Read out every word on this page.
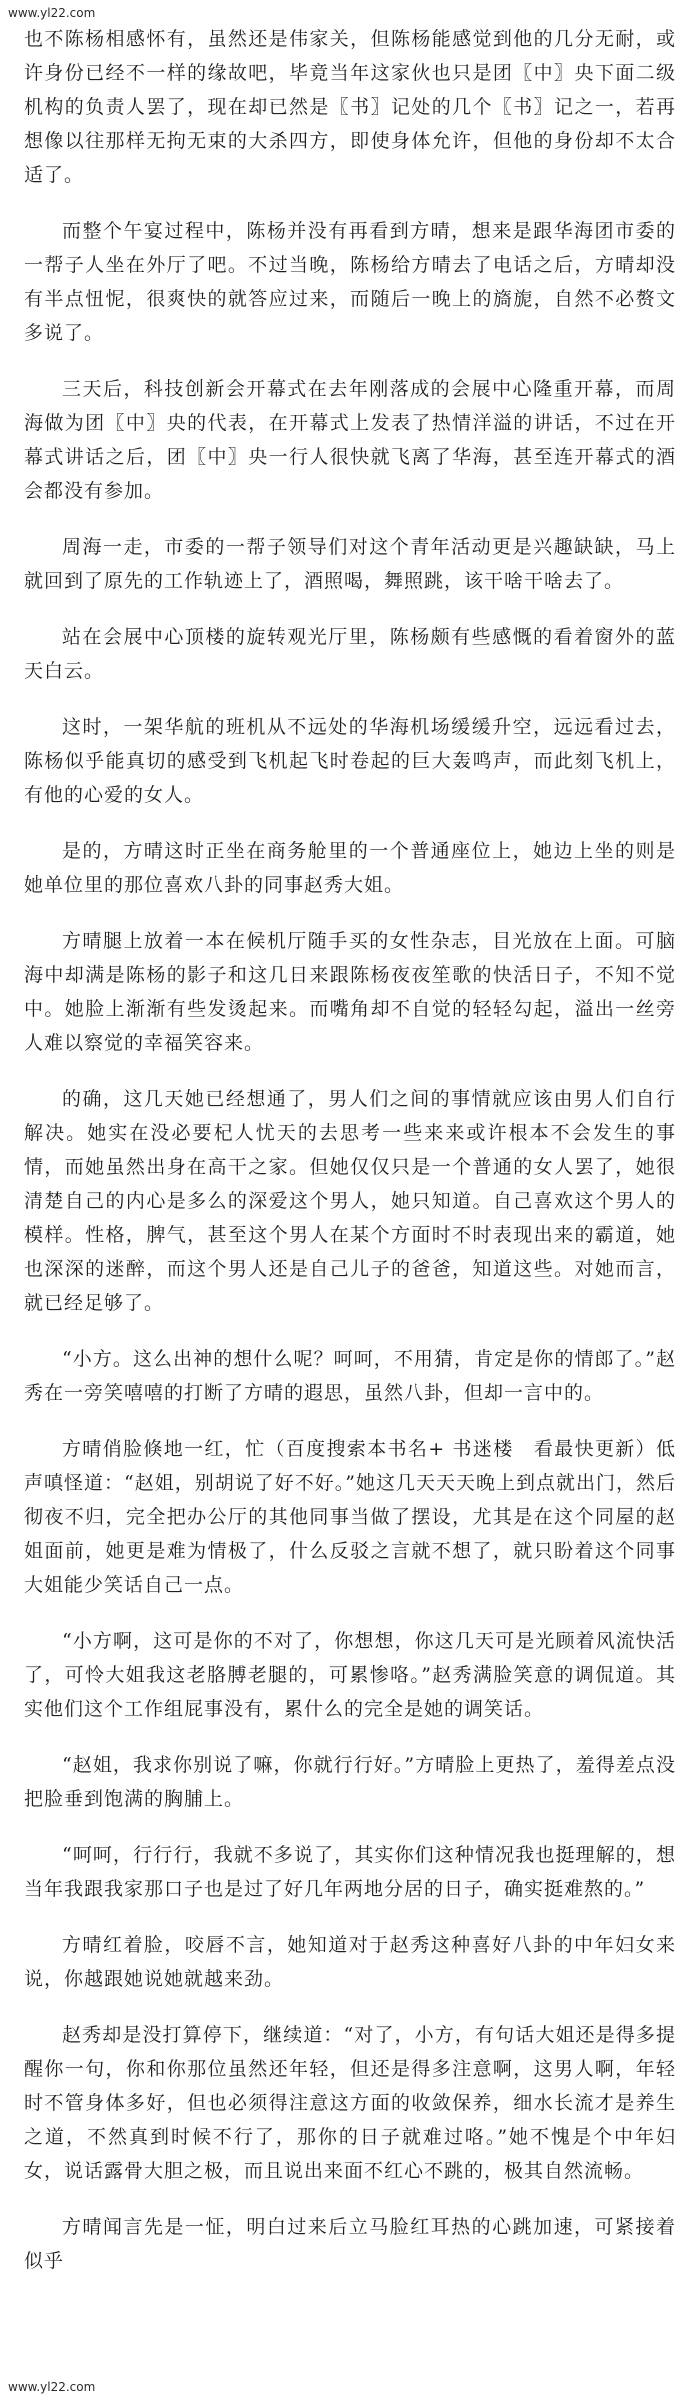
www.yl22.com

也不陈杨相感怀有，虽然还是伟家关，但陈杨能感觉到他的几分无耐，或许身份已经不一样的缘故吧，毕竟当年这家伙也只是团〖中〗央下面二级机构的负责人罢了，现在却已然是〖书〗记处的几个〖书〗记之一，若再想像以往那样无拘无束的大杀四方，即使身体允许，但他的身份却不太合适了。

而整个午宴过程中，陈杨并没有再看到方晴，想来是跟华海团市委的一帮子人坐在外厅了吧。不过当晚，陈杨给方晴去了电话之后，方晴却没有半点忸怩，很爽快的就答应过来，而随后一晚上的旖旎，自然不必赘文多说了。

三天后，科技创新会开幕式在去年刚落成的会展中心隆重开幕，而周海做为团〖中〗央的代表，在开幕式上发表了热情洋溢的讲话，不过在开幕式讲话之后，团〖中〗央一行人很快就飞离了华海，甚至连开幕式的酒会都没有参加。

周海一走，市委的一帮子领导们对这个青年活动更是兴趣缺缺，马上就回到了原先的工作轨迹上了，酒照喝，舞照跳，该干啥干啥去了。

站在会展中心顶楼的旋转观光厅里，陈杨颇有些感慨的看着窗外的蓝天白云。

这时，一架华航的班机从不远处的华海机场缓缓升空，远远看过去，陈杨似乎能真切的感受到飞机起飞时卷起的巨大轰鸣声，而此刻飞机上，有他的心爱的女人。

是的，方晴这时正坐在商务舱里的一个普通座位上，她边上坐的则是她单位里的那位喜欢八卦的同事赵秀大姐。

方晴腿上放着一本在候机厅随手买的女性杂志，目光放在上面。可脑海中却满是陈杨的影子和这几日来跟陈杨夜夜笙歌的快活日子，不知不觉中。她脸上渐渐有些发烫起来。而嘴角却不自觉的轻轻勾起，溢出一丝旁人难以察觉的幸福笑容来。

的确，这几天她已经想通了，男人们之间的事情就应该由男人们自行解决。她实在没必要杞人忧天的去思考一些来来或许根本不会发生的事情，而她虽然出身在高干之家。但她仅仅只是一个普通的女人罢了，她很清楚自己的内心是多么的深爱这个男人，她只知道。自己喜欢这个男人的模样。性格，脾气，甚至这个男人在某个方面时不时表现出来的霸道，她也深深的迷醉，而这个男人还是自己儿子的爸爸，知道这些。对她而言，就已经足够了。

“小方。这么出神的想什么呢？呵呵，不用猜，肯定是你的情郎了。”赵秀在一旁笑嘻嘻的打断了方晴的遐思，虽然八卦，但却一言中的。

方晴俏脸倏地一红，忙（百度搜索本书名+ 书迷楼　看最快更新）低声嗔怪道：“赵姐，别胡说了好不好。”她这几天天天晚上到点就出门，然后彻夜不归，完全把办公厅的其他同事当做了摆设，尤其是在这个同屋的赵姐面前，她更是难为情极了，什么反驳之言就不想了，就只盼着这个同事大姐能少笑话自己一点。

“小方啊，这可是你的不对了，你想想，你这几天可是光顾着风流快活了，可怜大姐我这老胳膊老腿的，可累惨咯。”赵秀满脸笑意的调侃道。其实他们这个工作组屁事没有，累什么的完全是她的调笑话。

“赵姐，我求你别说了嘛，你就行行好。”方晴脸上更热了，羞得差点没把脸垂到饱满的胸脯上。

“呵呵，行行行，我就不多说了，其实你们这种情况我也挺理解的，想当年我跟我家那口子也是过了好几年两地分居的日子，确实挺难熬的。”

方晴红着脸，咬唇不言，她知道对于赵秀这种喜好八卦的中年妇女来说，你越跟她说她就越来劲。

赵秀却是没打算停下，继续道：“对了，小方，有句话大姐还是得多提醒你一句，你和你那位虽然还年轻，但还是得多注意啊，这男人啊，年轻时不管身体多好，但也必须得注意这方面的收敛保养，细水长流才是养生之道，不然真到时候不行了，那你的日子就难过咯。”她不愧是个中年妇女，说话露骨大胆之极，而且说出来面不红心不跳的，极其自然流畅。

方晴闻言先是一怔，明白过来后立马脸红耳热的心跳加速，可紧接着似乎

www.yl22.com
